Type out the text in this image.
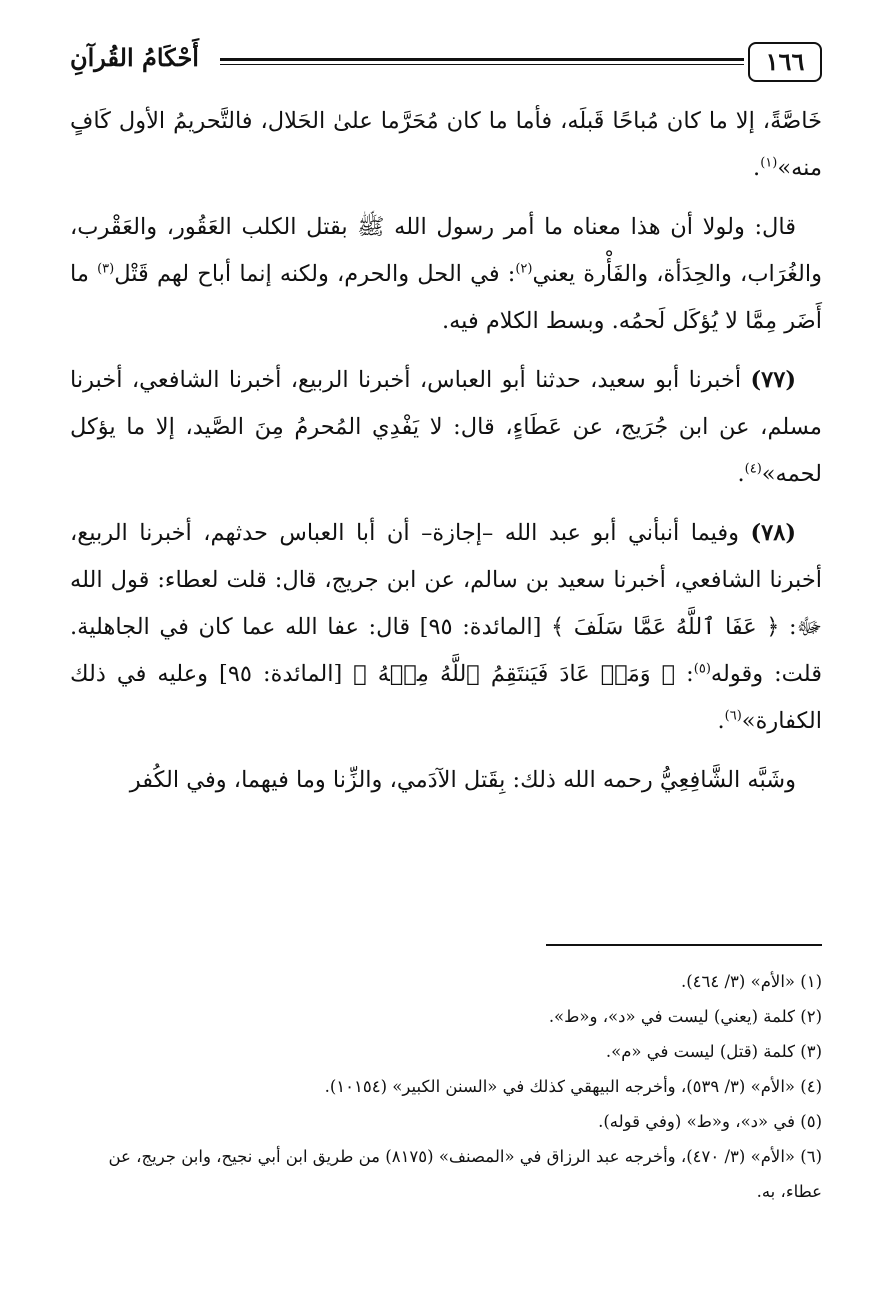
١٦٦
أَحْكَامُ القُرآنِ

خَاصَّةً، إلا ما كان مُباحًا قَبلَه، فأما ما كان مُحَرَّما علىٰ الحَلال، فالتَّحريمُ الأول كَافٍ منه»$^{(١)}$.

قال: ولولا أن هذا معناه ما أمر رسول الله ﷺ بقتل الكلب العَقُور، والعَقْرب، والغُرَاب، والحِدَأة، والفَأْرة يعني$^{(٢)}$: في الحل والحرم، ولكنه إنما أباح لهم قَتْل$^{(٣)}$ ما أَضَر مِمَّا لا يُؤكَل لَحمُه. وبسط الكلام فيه.

(٧٧) أخبرنا أبو سعيد، حدثنا أبو العباس، أخبرنا الربيع، أخبرنا الشافعي، أخبرنا مسلم، عن ابن جُرَيج، عن عَطَاءٍ، قال: لا يَفْدِي المُحرمُ مِنَ الصَّيد، إلا ما يؤكل لحمه»$^{(٤)}$.

(٧٨) وفيما أنبأني أبو عبد الله –إجازة– أن أبا العباس حدثهم، أخبرنا الربيع، أخبرنا الشافعي، أخبرنا سعيد بن سالم، عن ابن جريج، قال: قلت لعطاء: قول الله ﷻ: ﴿ عَفَا ٱللَّهُ عَمَّا سَلَفَ ﴾ [المائدة: ٩٥] قال: عفا الله عما كان في الجاهلية. قلت: وقوله$^{(٥)}$: ﴿ وَمَنۡ عَادَ فَيَنتَقِمُ ٱللَّهُ مِنۡهُ ﴾ [المائدة: ٩٥] وعليه في ذلك الكفارة»$^{(٦)}$.

وشَبَّه الشَّافِعِيُّ رحمه الله ذلك: بِقَتل الآدَمي، والزِّنا وما فيهما، وفي الكُفر

(١) «الأم» (٣/ ٤٦٤).
(٢) كلمة (يعني) ليست في «د»، و«ط».
(٣) كلمة (قتل) ليست في «م».
(٤) «الأم» (٣/ ٥٣٩)، وأخرجه البيهقي كذلك في «السنن الكبير» (١٠١٥٤).
(٥) في «د»، و«ط» (وفي قوله).
(٦) «الأم» (٣/ ٤٧٠)، وأخرجه عبد الرزاق في «المصنف» (٨١٧٥) من طريق ابن أبي نجيح، وابن جريج، عن عطاء، به.
